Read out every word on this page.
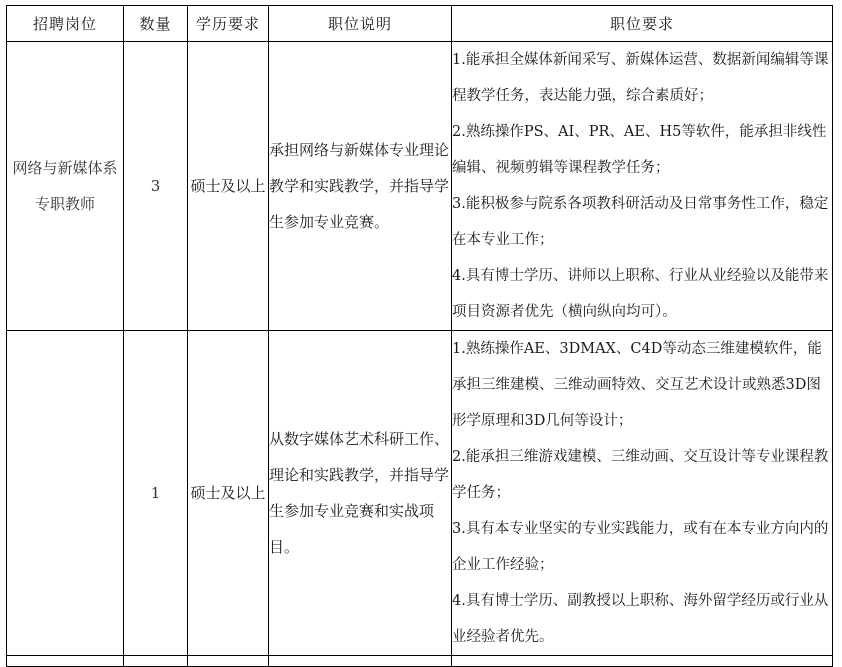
招聘岗位	数量	学历要求	职位说明	职位要求
网络与新媒体系专职教师	3	硕士及以上	承担网络与新媒体专业理论教学和实践教学，并指导学生参加专业竞赛。	1.能承担全媒体新闻采写、新媒体运营、数据新闻编辑等课程教学任务，表达能力强，综合素质好；
2.熟练操作PS、AI、PR、AE、H5等软件，能承担非线性编辑、视频剪辑等课程教学任务；
3.能积极参与院系各项教科研活动及日常事务性工作，稳定在本专业工作；
4.具有博士学历、讲师以上职称、行业从业经验以及能带来项目资源者优先（横向纵向均可）。

	1	硕士及以上	从数字媒体艺术科研工作、理论和实践教学，并指导学生参加专业竞赛和实战项目。	1.熟练操作AE、3DMAX、C4D等动态三维建模软件，能承担三维建模、三维动画特效、交互艺术设计或熟悉3D图形学原理和3D几何等设计；
2.能承担三维游戏建模、三维动画、交互设计等专业课程教学任务；
3.具有本专业坚实的专业实践能力，或有在本专业方向内的企业工作经验；
4.具有博士学历、副教授以上职称、海外留学经历或行业从业经验者优先。
